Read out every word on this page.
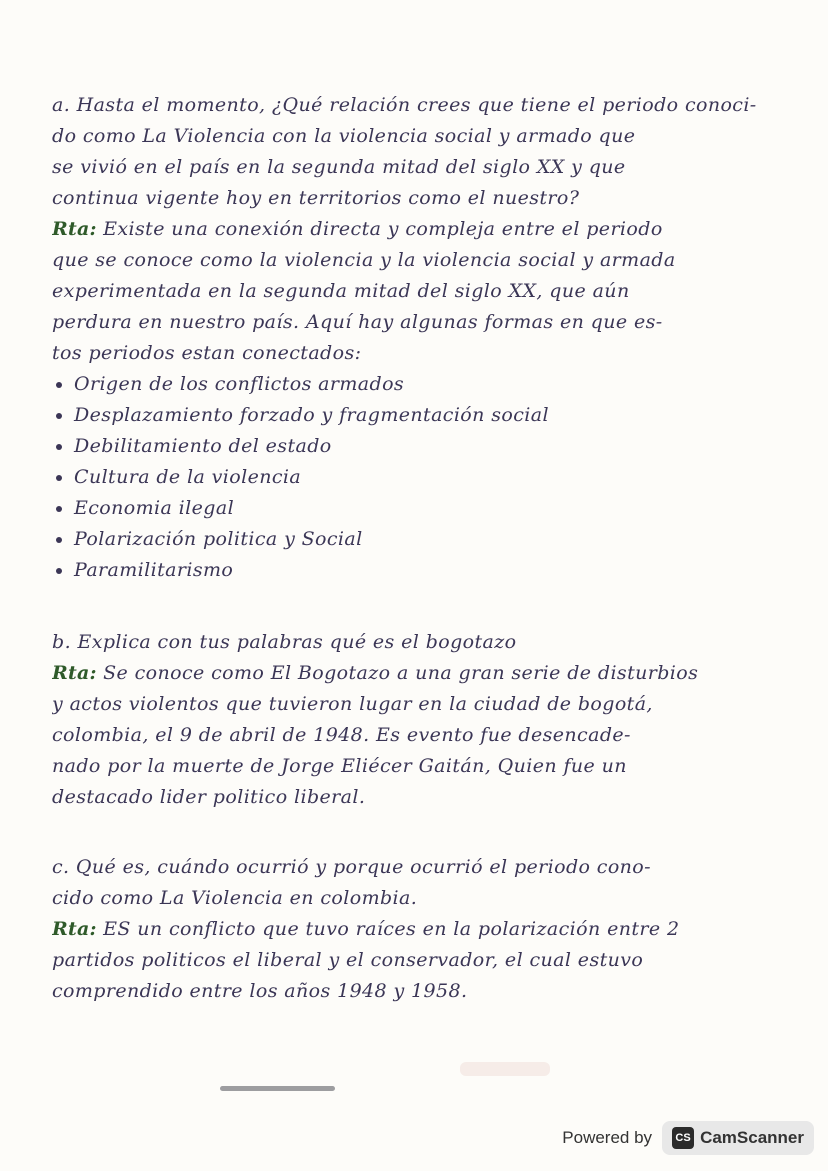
a. Hasta el momento, ¿Qué relación crees que tiene el periodo conoci-
do como La Violencia con la violencia social y armado que
se vivió en el país en la segunda mitad del siglo XX y que
continua vigente hoy en territorios como el nuestro?
Rta: Existe una conexión directa y compleja entre el periodo
que se conoce como la violencia y la violencia social y armada
experimentada en la segunda mitad del siglo XX, que aún
perdura en nuestro país. Aquí hay algunas formas en que es-
tos periodos estan conectados:
Origen de los conflictos armados
Desplazamiento forzado y fragmentación social
Debilitamiento del estado
Cultura de la violencia
Economia ilegal
Polarización politica y Social
Paramilitarismo
b. Explica con tus palabras qué es el bogotazo
Rta: Se conoce como El Bogotazo a una gran serie de disturbios
y actos violentos que tuvieron lugar en la ciudad de bogotá,
colombia, el 9 de abril de 1948. Es evento fue desencade-
nado por la muerte de Jorge Eliécer Gaitán, Quien fue un
destacado lider politico liberal.
c. Qué es, cuándo ocurrió y porque ocurrió el periodo cono-
cido como La Violencia en colombia.
Rta: ES un conflicto que tuvo raíces en la polarización entre 2
partidos politicos el liberal y el conservador, el cual estuvo
comprendido entre los años 1948 y 1958.
Powered by	CS CamScanner
